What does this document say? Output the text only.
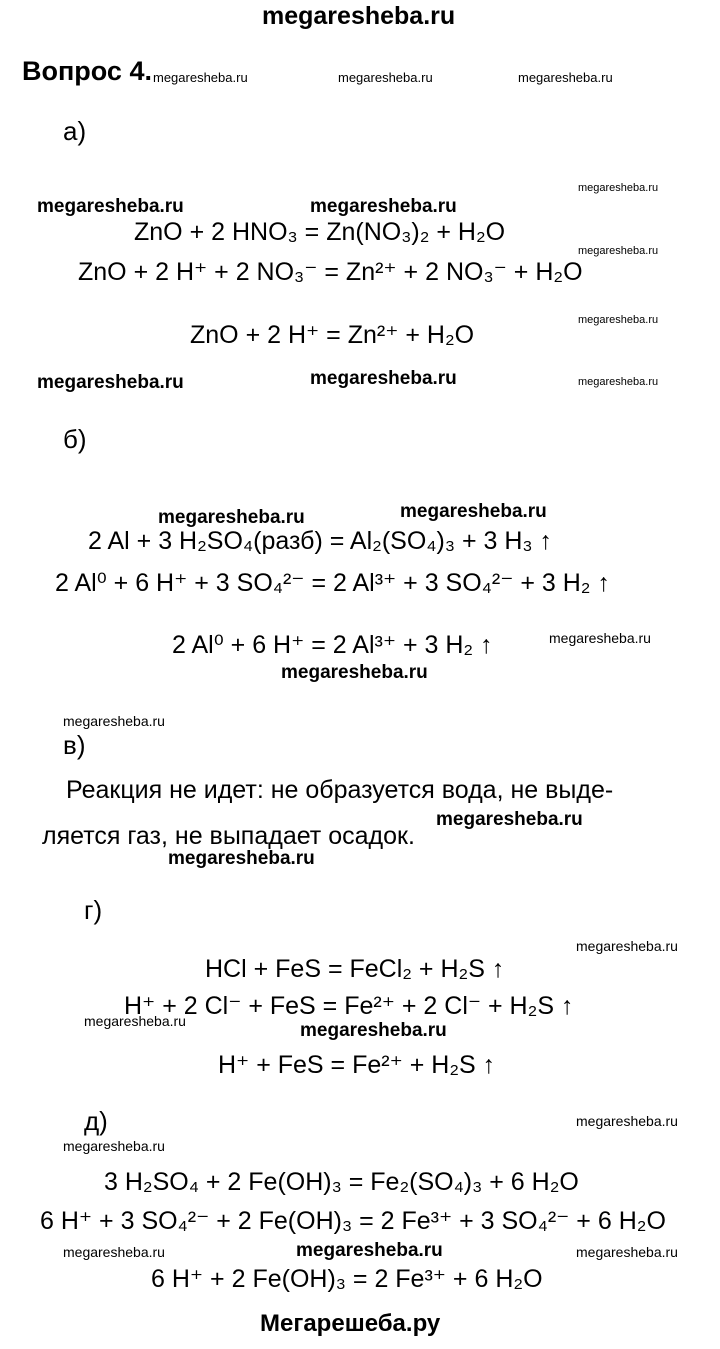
megaresheba.ru
Вопрос 4. megaresheba.ru	megaresheba.ru	megaresheba.ru
megaresheba.ru
megaresheba.ru	megaresheba.ru
megaresheba.ru
megaresheba.ru
megaresheba.ru	megaresheba.ru	megaresheba.ru
megaresheba.ru
megaresheba.ru
megaresheba.ru
megaresheba.ru
megaresheba.ru
megaresheba.ru
megaresheba.ru
megaresheba.ru
megaresheba.ru	megaresheba.ru
megaresheba.ru
megaresheba.ru
megaresheba.ru	megaresheba.ru	megaresheba.ru
а)
ZnO + 2 HNO₃ = Zn(NO₃)₂ + H₂O
ZnO + 2 H⁺ + 2 NO₃⁻ = Zn²⁺ + 2 NO₃⁻ + H₂O
ZnO + 2 H⁺ = Zn²⁺ + H₂O
б)
2 Al + 3 H₂SO₄(разб) = Al₂(SO₄)₃ + 3 H₃ ↑
2 Al⁰ + 6 H⁺ + 3 SO₄²⁻ = 2 Al³⁺ + 3 SO₄²⁻ + 3 H₂ ↑
2 Al⁰ + 6 H⁺ = 2 Al³⁺ + 3 H₂ ↑
в)
Реакция не идет: не образуется вода, не выде-
ляется газ, не выпадает осадок.
г)
HCl + FeS = FeCl₂ + H₂S ↑
H⁺ + 2 Cl⁻ + FeS = Fe²⁺ + 2 Cl⁻ + H₂S ↑
H⁺ + FeS = Fe²⁺ + H₂S ↑
д)
3 H₂SO₄ + 2 Fe(OH)₃ = Fe₂(SO₄)₃ + 6 H₂O
6 H⁺ + 3 SO₄²⁻ + 2 Fe(OH)₃ = 2 Fe³⁺ + 3 SO₄²⁻ + 6 H₂O
6 H⁺ + 2 Fe(OH)₃ = 2 Fe³⁺ + 6 H₂O
Мегарешеба.ру
